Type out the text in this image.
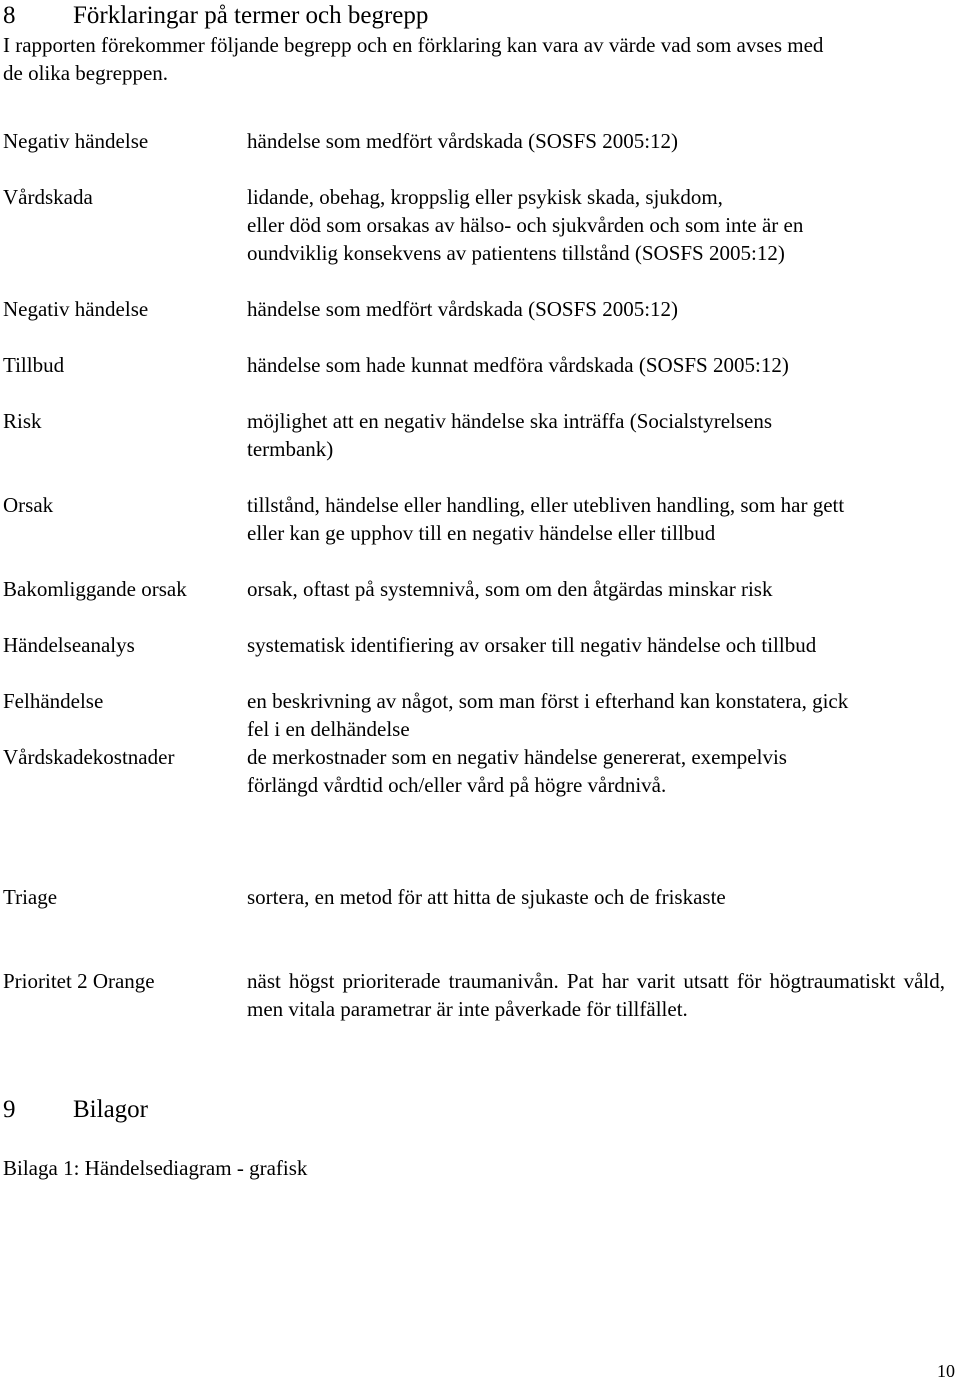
8 Förklaringar på termer och begrepp
I rapporten förekommer följande begrepp och en förklaring kan vara av värde vad som avses med
de olika begreppen.
Negativ händelse	händelse som medfört vårdskada (SOSFS 2005:12)
Vårdskada	lidande, obehag, kroppslig eller psykisk skada, sjukdom,
eller död som orsakas av hälso- och sjukvården och som inte är en
oundviklig konsekvens av patientens tillstånd (SOSFS 2005:12)
Negativ händelse	händelse som medfört vårdskada (SOSFS 2005:12)
Tillbud	händelse som hade kunnat medföra vårdskada (SOSFS 2005:12)
Risk	möjlighet att en negativ händelse ska inträffa (Socialstyrelsens
termbank)
Orsak	tillstånd, händelse eller handling, eller utebliven handling, som har gett
eller kan ge upphov till en negativ händelse eller tillbud
Bakomliggande orsak	orsak, oftast på systemnivå, som om den åtgärdas minskar risk
Händelseanalys	systematisk identifiering av orsaker till negativ händelse och tillbud
Felhändelse	en beskrivning av något, som man först i efterhand kan konstatera, gick
fel i en delhändelse
Vårdskadekostnader	de merkostnader som en negativ händelse genererat, exempelvis
förlängd vårdtid och/eller vård på högre vårdnivå.
Triage	sortera, en metod för att hitta de sjukaste och de friskaste
Prioritet 2 Orange	näst högst prioriterade traumanivån. Pat har varit utsatt för högtraumatiskt våld, men vitala parametrar är inte påverkade för tillfället.
9 Bilagor
Bilaga 1: Händelsediagram - grafisk
10
